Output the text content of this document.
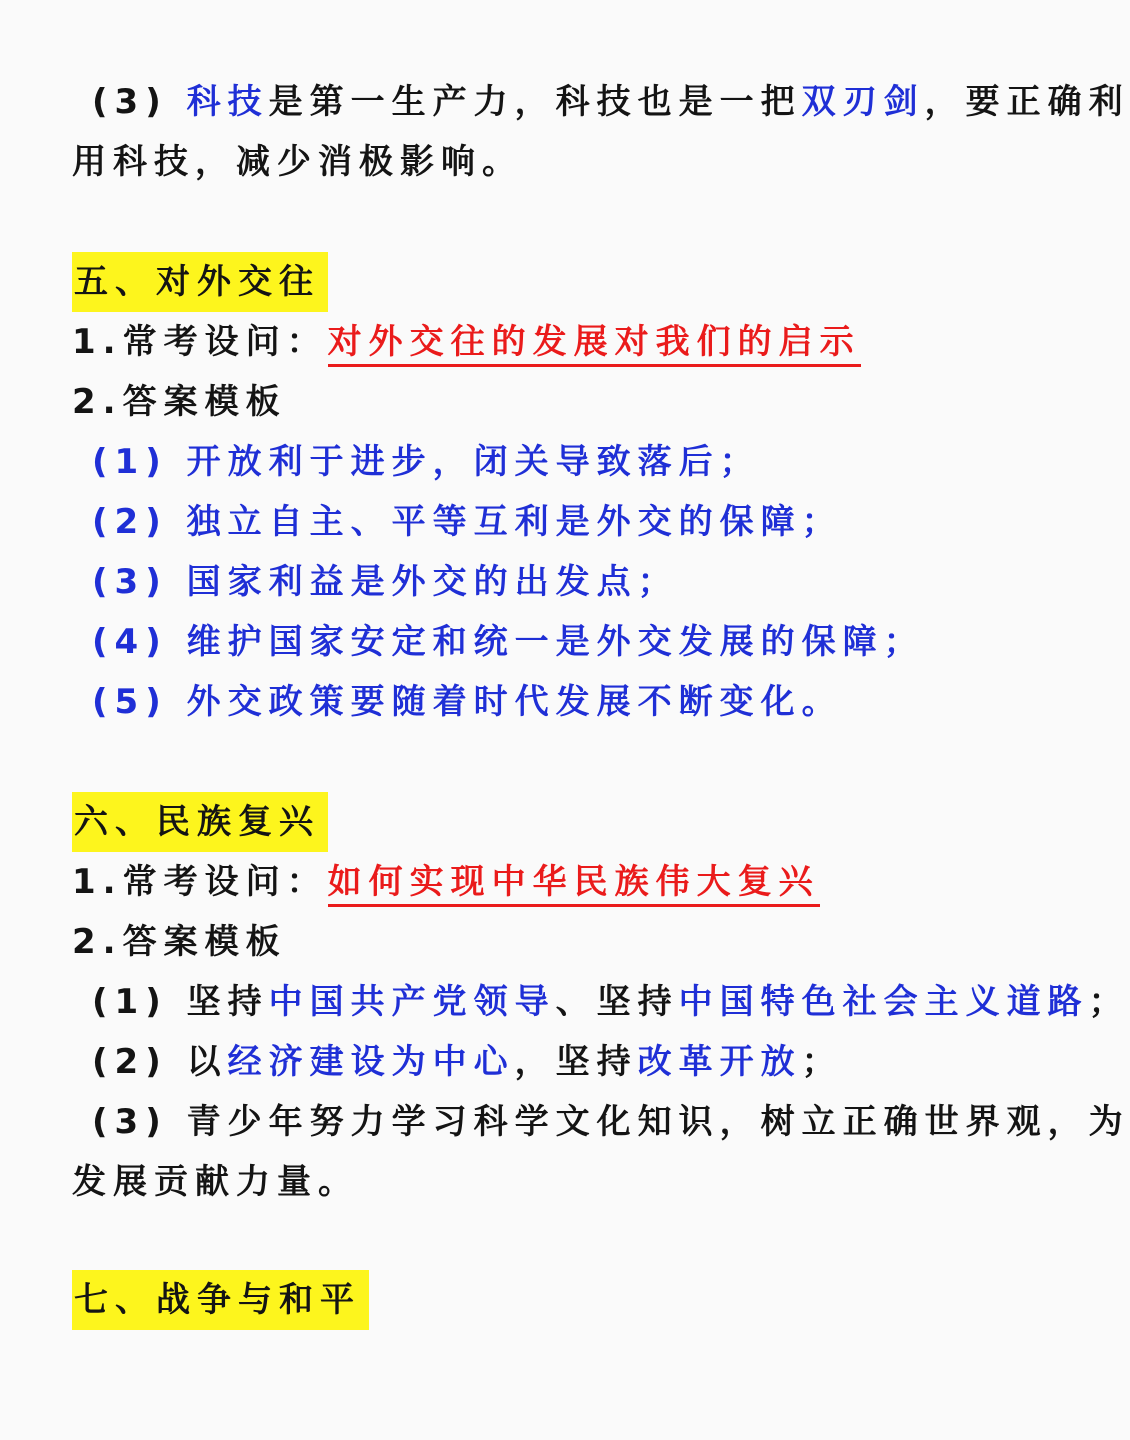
(3) 科技是第一生产力，科技也是一把双刃剑，要正确利
用科技，减少消极影响。
五、对外交往
1.常考设问：对外交往的发展对我们的启示
2.答案模板
(1) 开放利于进步，闭关导致落后；
(2) 独立自主、平等互利是外交的保障；
(3) 国家利益是外交的出发点；
(4) 维护国家安定和统一是外交发展的保障；
(5) 外交政策要随着时代发展不断变化。
六、民族复兴
1.常考设问：如何实现中华民族伟大复兴
2.答案模板
(1) 坚持中国共产党领导、坚持中国特色社会主义道路；
(2) 以经济建设为中心，坚持改革开放；
(3) 青少年努力学习科学文化知识，树立正确世界观，为
发展贡献力量。
七、战争与和平
